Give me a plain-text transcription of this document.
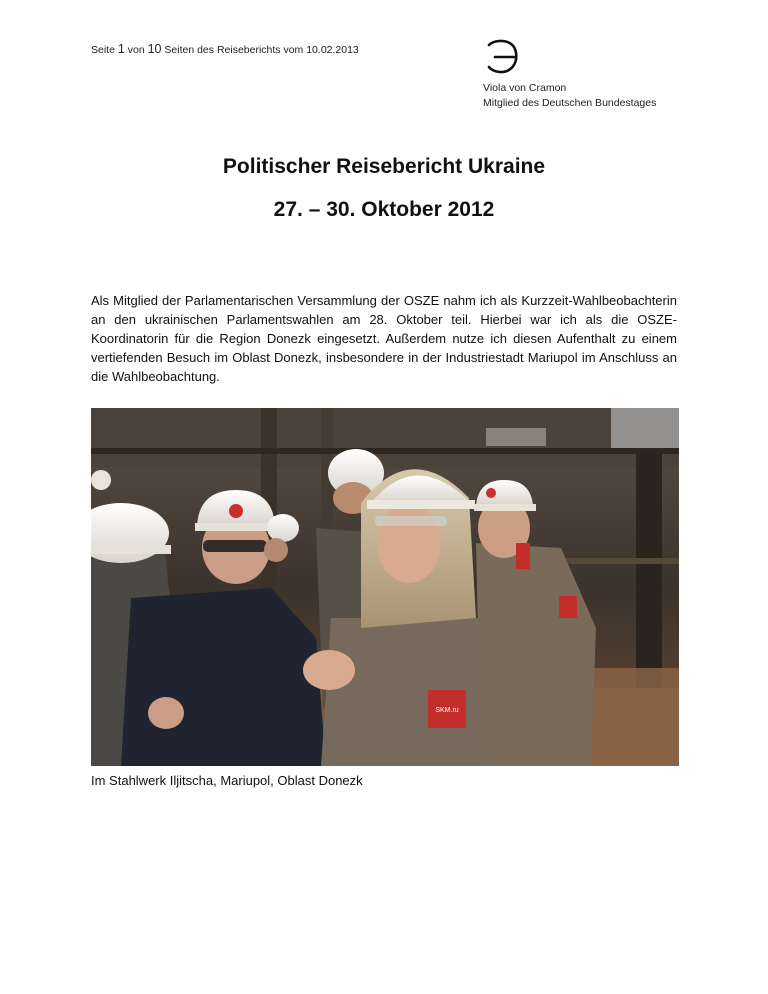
Seite 1 von 10 Seiten des Reiseberichts vom 10.02.2013
Viola von Cramon
Mitglied des Deutschen Bundestages
Politischer Reisebericht Ukraine
27. – 30. Oktober 2012
Als Mitglied der Parlamentarischen Versammlung der OSZE nahm ich als Kurzzeit-Wahlbeobachterin an den ukrainischen Parlamentswahlen am 28. Oktober teil. Hierbei war ich als die OSZE-Koordinatorin für die Region Donezk eingesetzt. Außerdem nutze ich diesen Aufenthalt zu einem vertiefenden Besuch im Oblast Donezk, insbesondere in der Industriestadt Mariupol im Anschluss an die Wahlbeobachtung.
SKM.ru
Im Stahlwerk Iljitscha, Mariupol, Oblast Donezk
